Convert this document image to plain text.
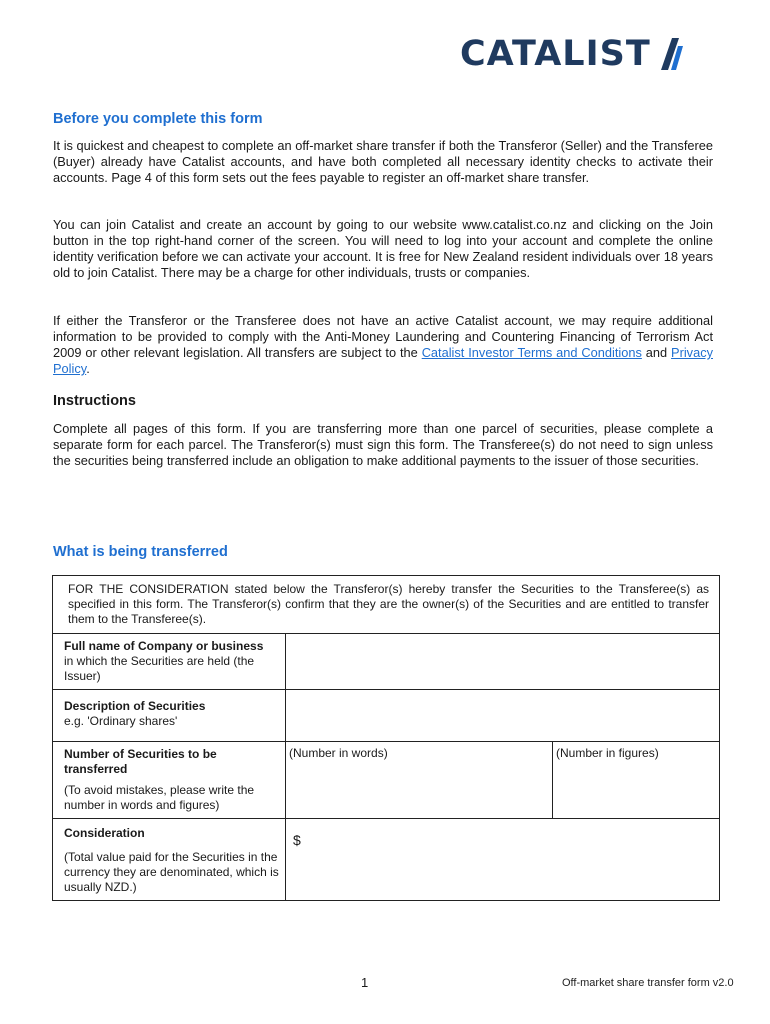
CATALIST
Before you complete this form

It is quickest and cheapest to complete an off-market share transfer if both the Transferor (Seller) and the Transferee (Buyer) already have Catalist accounts, and have both completed all necessary identity checks to activate their accounts. Page 4 of this form sets out the fees payable to register an off-market share transfer.

You can join Catalist and create an account by going to our website www.catalist.co.nz and clicking on the Join button in the top right-hand corner of the screen. You will need to log into your account and complete the online identity verification before we can activate your account. It is free for New Zealand resident individuals over 18 years old to join Catalist. There may be a charge for other individuals, trusts or companies.

If either the Transferor or the Transferee does not have an active Catalist account, we may require additional information to be provided to comply with the Anti-Money Laundering and Countering Financing of Terrorism Act 2009 or other relevant legislation. All transfers are subject to the Catalist Investor Terms and Conditions and Privacy Policy.

Instructions

Complete all pages of this form. If you are transferring more than one parcel of securities, please complete a separate form for each parcel. The Transferor(s) must sign this form. The Transferee(s) do not need to sign unless the securities being transferred include an obligation to make additional payments to the issuer of those securities.

What is being transferred
FOR THE CONSIDERATION stated below the Transferor(s) hereby transfer the Securities to the Transferee(s) as specified in this form. The Transferor(s) confirm that they are the owner(s) of the Securities and are entitled to transfer them to the Transferee(s).		

Full name of Company or business
in which the Securities are held (the Issuer)		

Description of Securities
e.g. 'Ordinary shares'		

Number of Securities to be transferred
(To avoid mistakes, please write the number in words and figures)	(Number in words)	(Number in figures)

Consideration
(Total value paid for the Securities in the currency they are denominated, which is usually NZD.)	$	
1	Off-market share transfer form v2.0
